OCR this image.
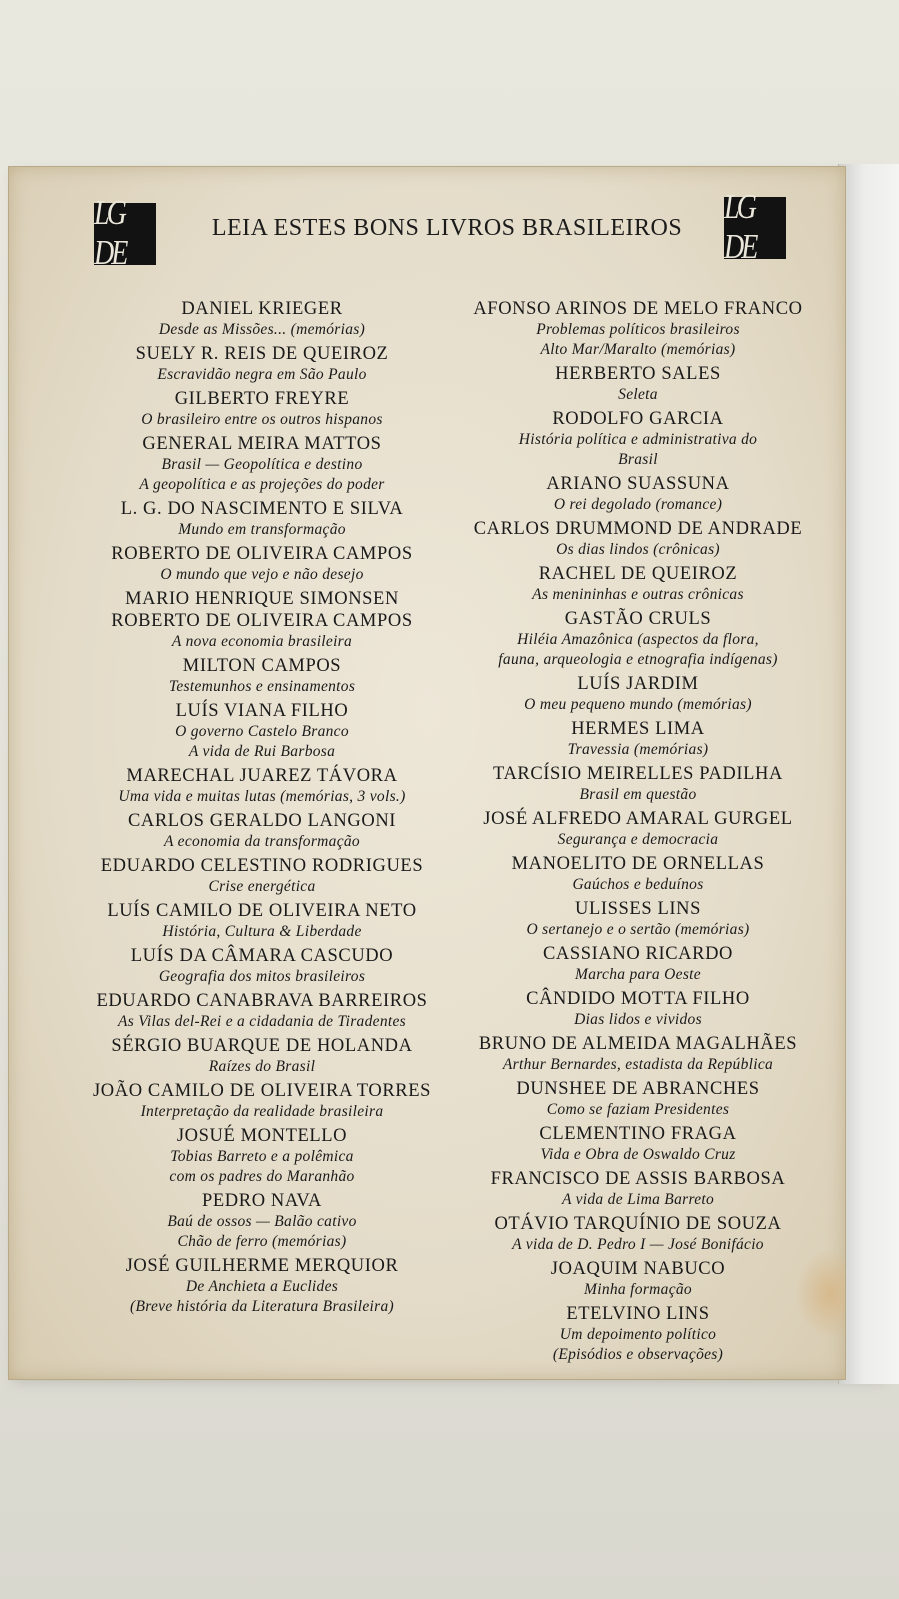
LG DE
LG DE
LEIA ESTES BONS LIVROS BRASILEIROS
DANIEL KRIEGER
Desde as Missões... (memórias)
SUELY R. REIS DE QUEIROZ
Escravidão negra em São Paulo
GILBERTO FREYRE
O brasileiro entre os outros hispanos
GENERAL MEIRA MATTOS
Brasil — Geopolítica e destino
A geopolítica e as projeções do poder
L. G. DO NASCIMENTO E SILVA
Mundo em transformação
ROBERTO DE OLIVEIRA CAMPOS
O mundo que vejo e não desejo
MARIO HENRIQUE SIMONSEN
ROBERTO DE OLIVEIRA CAMPOS
A nova economia brasileira
MILTON CAMPOS
Testemunhos e ensinamentos
LUÍS VIANA FILHO
O governo Castelo Branco
A vida de Rui Barbosa
MARECHAL JUAREZ TÁVORA
Uma vida e muitas lutas (memórias, 3 vols.)
CARLOS GERALDO LANGONI
A economia da transformação
EDUARDO CELESTINO RODRIGUES
Crise energética
LUÍS CAMILO DE OLIVEIRA NETO
História, Cultura & Liberdade
LUÍS DA CÂMARA CASCUDO
Geografia dos mitos brasileiros
EDUARDO CANABRAVA BARREIROS
As Vilas del-Rei e a cidadania de Tiradentes
SÉRGIO BUARQUE DE HOLANDA
Raízes do Brasil
JOÃO CAMILO DE OLIVEIRA TORRES
Interpretação da realidade brasileira
JOSUÉ MONTELLO
Tobias Barreto e a polêmica
com os padres do Maranhão
PEDRO NAVA
Baú de ossos — Balão cativo
Chão de ferro (memórias)
JOSÉ GUILHERME MERQUIOR
De Anchieta a Euclides
(Breve história da Literatura Brasileira)
AFONSO ARINOS DE MELO FRANCO
Problemas políticos brasileiros
Alto Mar/Maralto (memórias)
HERBERTO SALES
Seleta
RODOLFO GARCIA
História política e administrativa do
Brasil
ARIANO SUASSUNA
O rei degolado (romance)
CARLOS DRUMMOND DE ANDRADE
Os dias lindos (crônicas)
RACHEL DE QUEIROZ
As menininhas e outras crônicas
GASTÃO CRULS
Hiléia Amazônica (aspectos da flora,
fauna, arqueologia e etnografia indígenas)
LUÍS JARDIM
O meu pequeno mundo (memórias)
HERMES LIMA
Travessia (memórias)
TARCÍSIO MEIRELLES PADILHA
Brasil em questão
JOSÉ ALFREDO AMARAL GURGEL
Segurança e democracia
MANOELITO DE ORNELLAS
Gaúchos e beduínos
ULISSES LINS
O sertanejo e o sertão (memórias)
CASSIANO RICARDO
Marcha para Oeste
CÂNDIDO MOTTA FILHO
Dias lidos e vividos
BRUNO DE ALMEIDA MAGALHÃES
Arthur Bernardes, estadista da República
DUNSHEE DE ABRANCHES
Como se faziam Presidentes
CLEMENTINO FRAGA
Vida e Obra de Oswaldo Cruz
FRANCISCO DE ASSIS BARBOSA
A vida de Lima Barreto
OTÁVIO TARQUÍNIO DE SOUZA
A vida de D. Pedro I — José Bonifácio
JOAQUIM NABUCO
Minha formação
ETELVINO LINS
Um depoimento político
(Episódios e observações)
